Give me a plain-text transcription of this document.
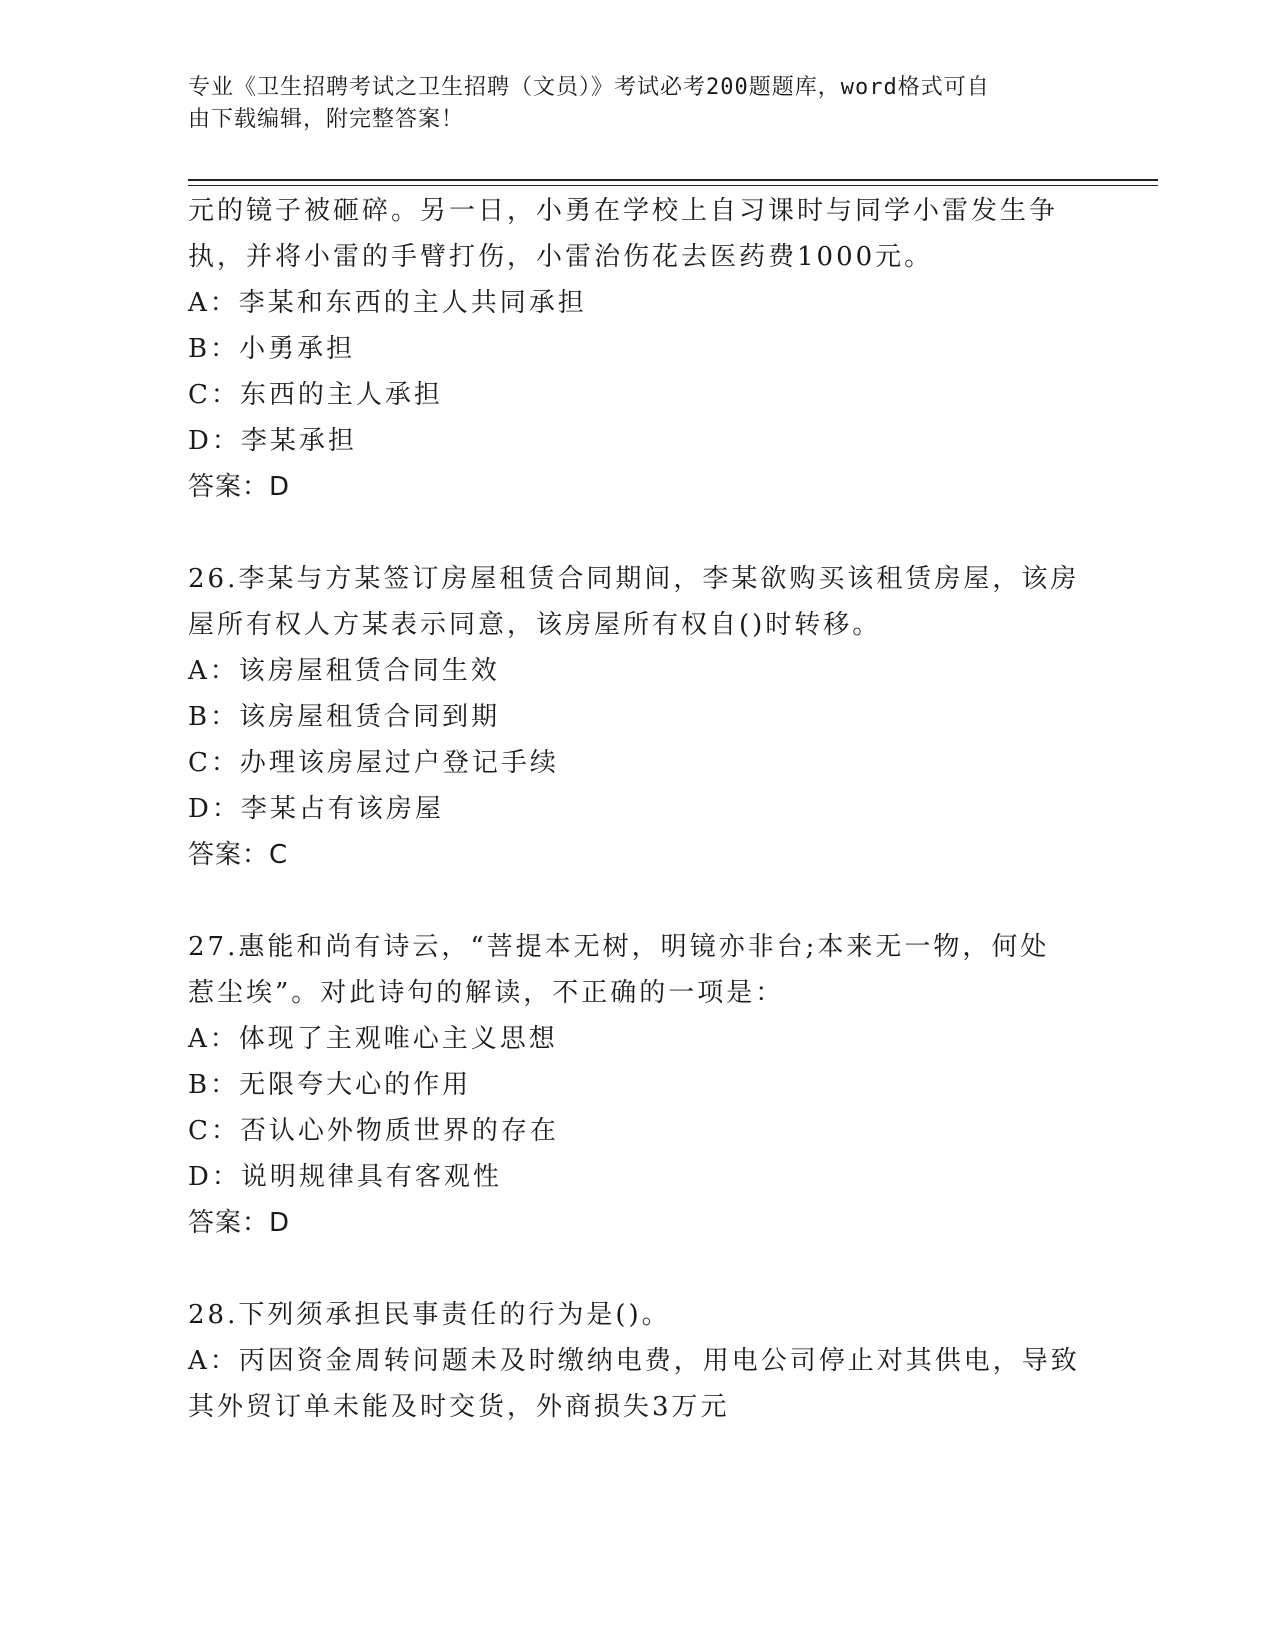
专业《卫生招聘考试之卫生招聘（文员）》考试必考200题题库，word格式可自
由下载编辑，附完整答案！
元的镜子被砸碎。另一日，小勇在学校上自习课时与同学小雷发生争
执，并将小雷的手臂打伤，小雷治伤花去医药费1000元。
A：李某和东西的主人共同承担
B：小勇承担
C：东西的主人承担
D：李某承担
答案：D
26.李某与方某签订房屋租赁合同期间，李某欲购买该租赁房屋，该房
屋所有权人方某表示同意，该房屋所有权自()时转移。
A：该房屋租赁合同生效
B：该房屋租赁合同到期
C：办理该房屋过户登记手续
D：李某占有该房屋
答案：C
27.惠能和尚有诗云，“菩提本无树，明镜亦非台;本来无一物，何处
惹尘埃”。对此诗句的解读，不正确的一项是：
A：体现了主观唯心主义思想
B：无限夸大心的作用
C：否认心外物质世界的存在
D：说明规律具有客观性
答案：D
28.下列须承担民事责任的行为是()。
A：丙因资金周转问题未及时缴纳电费，用电公司停止对其供电，导致
其外贸订单未能及时交货，外商损失3万元
